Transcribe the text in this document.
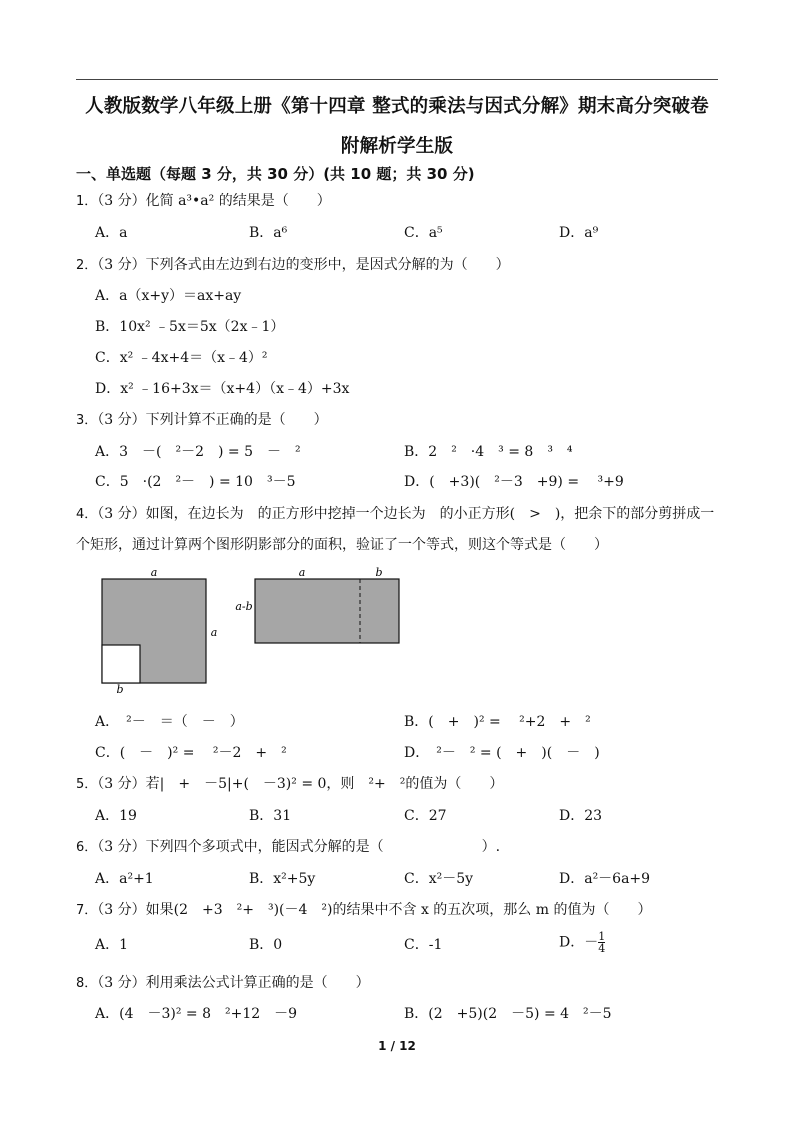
人教版数学八年级上册《第十四章 整式的乘法与因式分解》期末高分突破卷
附解析学生版
一、单选题（每题 3 分，共 30 分）(共 10 题；共 30 分)
1．（3 分）化简 a³•a² 的结果是（　　）
A．a	B．a⁶	C．a⁵	D．a⁹
2．（3 分）下列各式由左边到右边的变形中，是因式分解的为（　　）
A．a（x+y）＝ax+ay
B．10x² ﹣5x＝5x（2x﹣1）
C．x² ﹣4x+4＝（x﹣4）²
D．x² ﹣16+3x＝（x+4）（x﹣4）+3x
3．（3 分）下列计算不正确的是（　　）
A．3　－(　²－2　) = 5　－　²	B．2　²　·4　³ = 8　³　⁴
C．5　·(2　²－　) = 10　³－5	D．(　+3)(　²－3　+9) = 　³+9
4．（3 分）如图，在边长为　的正方形中挖掉一个边长为　的小正方形(　>　)，把余下的部分剪拼成一
个矩形，通过计算两个图形阴影部分的面积，验证了一个等式，则这个等式是（　　）
a
a
b
a	b
a-b
A．　²－　＝（　－　）	B．(　+　)² = 　²+2　+　²
C．(　－　)² = 　²－2　+　²	D．　²－　² = (　+　)(　－　)
5．（3 分）若|　+　－5|+(　－3)² = 0，则　²+　²的值为（　　）
A．19	B．31	C．27	D．23
6．（3 分）下列四个多项式中，能因式分解的是（　　　　　　　）.
A．a²+1	B．x²+5y	C．x²－5y	D．a²－6a+9
7．（3 分）如果(2　+3　²+　³)(－4　²)的结果中不含 x 的五次项，那么 m 的值为（　　）
A．1	B．0	C．-1	D．－ $\frac{1}{4}$
8．（3 分）利用乘法公式计算正确的是（　　）
A．(4　－3)² = 8　²+12　－9	B．(2　+5)(2　－5) = 4　²－5
1 / 12
